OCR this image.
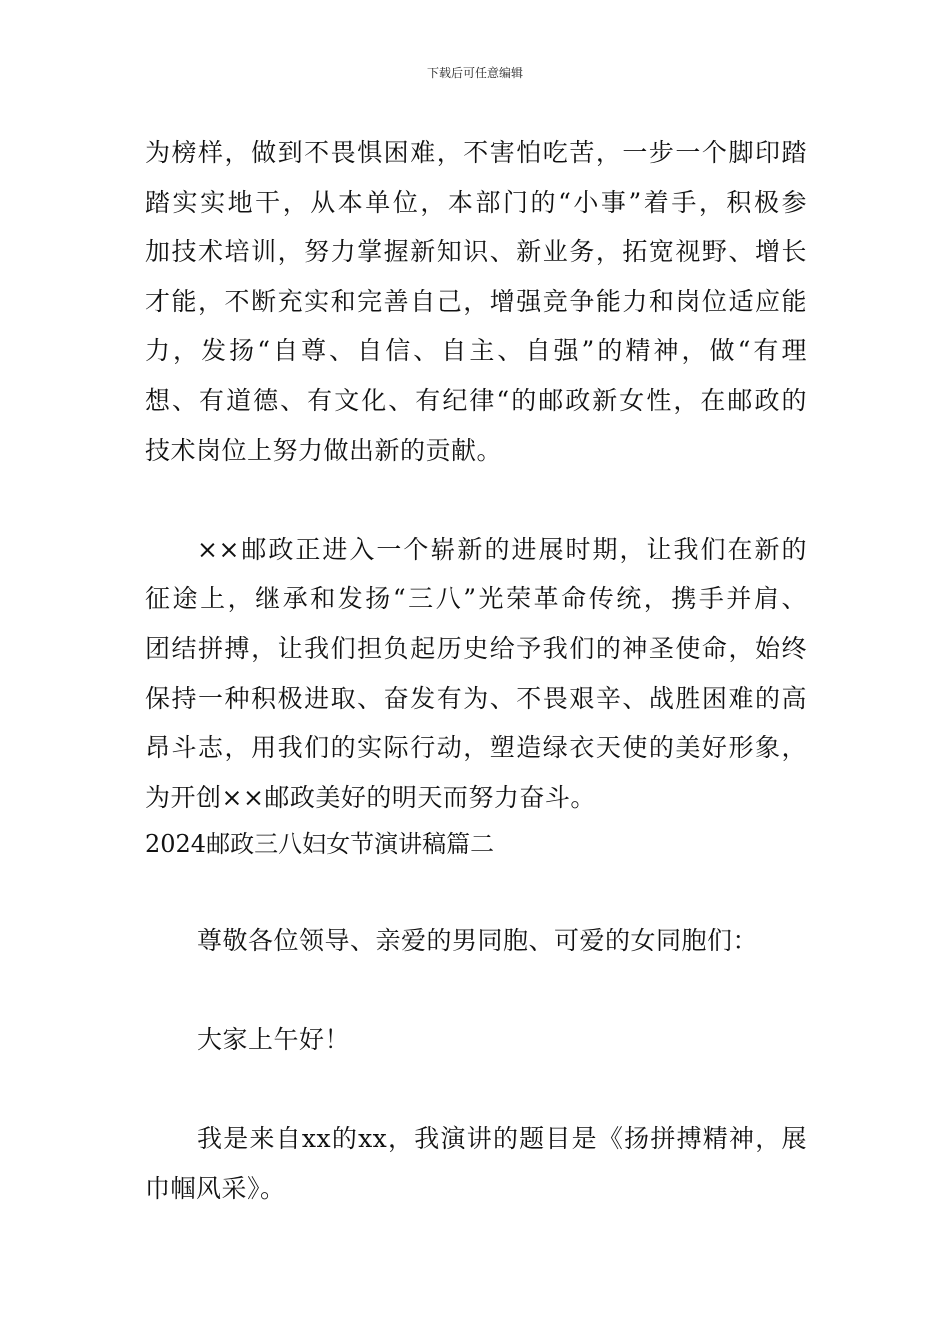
下载后可任意编辑
为榜样，做到不畏惧困难，不害怕吃苦，一步一个脚印踏
踏实实地干，从本单位，本部门的“小事”着手，积极参
加技术培训，努力掌握新知识、新业务，拓宽视野、增长
才能，不断充实和完善自己，增强竞争能力和岗位适应能
力，发扬“自尊、自信、自主、自强”的精神，做“有理
想、有道德、有文化、有纪律“的邮政新女性，在邮政的
技术岗位上努力做出新的贡献。
××邮政正进入一个崭新的进展时期，让我们在新的
征途上，继承和发扬“三八”光荣革命传统，携手并肩、
团结拼搏，让我们担负起历史给予我们的神圣使命，始终
保持一种积极进取、奋发有为、不畏艰辛、战胜困难的高
昂斗志，用我们的实际行动，塑造绿衣天使的美好形象，
为开创××邮政美好的明天而努力奋斗。
2024邮政三八妇女节演讲稿篇二
尊敬各位领导、亲爱的男同胞、可爱的女同胞们：
大家上午好！
我是来自xx的xx，我演讲的题目是《扬拼搏精神，展
巾帼风采》。
